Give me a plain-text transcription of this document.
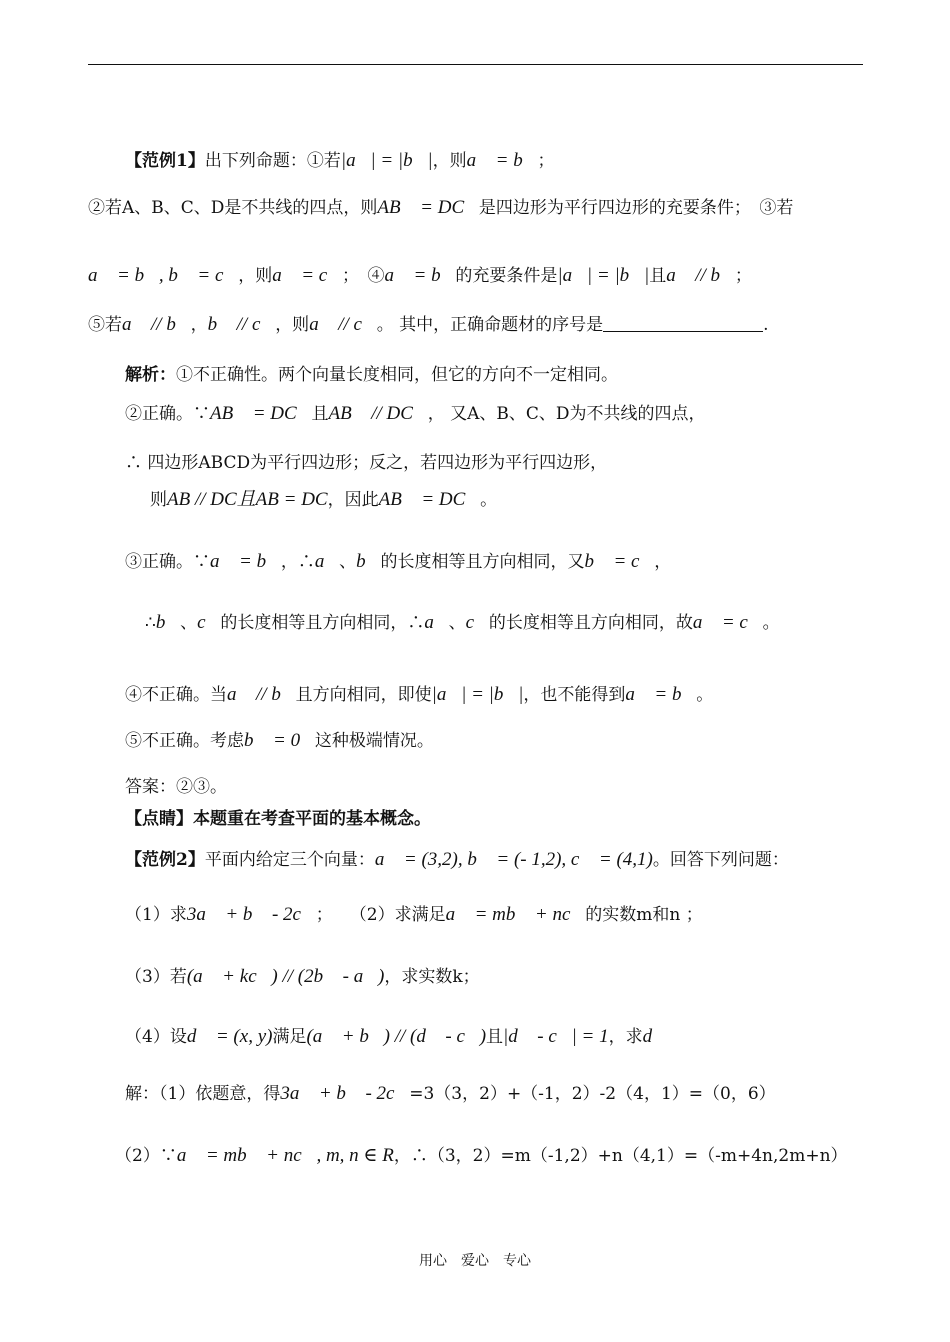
【范例1】出下列命题：①若|a⃗| = |b⃗|，则a⃗ = b⃗；
②若A、B、C、D是不共线的四点，则AB⃗ = DC⃗是四边形为平行四边形的充要条件；　③若
a⃗ = b⃗, b⃗ = c⃗，则a⃗ = c⃗；　④a⃗ = b⃗的充要条件是|a⃗| = |b⃗|且a⃗ // b⃗；
⑤若a⃗ // b⃗，b⃗ // c⃗，则a⃗ // c⃗。 其中，正确命题材的序号是	.
解析：①不正确性。两个向量长度相同，但它的方向不一定相同。
②正确。∵AB⃗ = DC⃗且AB⃗ // DC⃗， 又A、B、C、D为不共线的四点，
∴ 四边形ABCD为平行四边形；反之，若四边形为平行四边形，
则AB // DC且AB = DC，因此AB⃗ = DC⃗。
③正确。∵a⃗ = b⃗，∴a⃗、b⃗的长度相等且方向相同，又b⃗ = c⃗，
∴b⃗、c⃗的长度相等且方向相同，∴a⃗、c⃗的长度相等且方向相同，故a⃗ = c⃗。
④不正确。当a⃗ // b⃗且方向相同，即使|a⃗| = |b⃗|，也不能得到a⃗ = b⃗。
⑤不正确。考虑b⃗ = 0⃗这种极端情况。
答案：②③。
【点睛】本题重在考查平面的基本概念。
【范例2】平面内给定三个向量：a⃗ = (3,2), b⃗ = (- 1,2), c⃗ = (4,1)。回答下列问题：
（1）求3a⃗ + b⃗ - 2c⃗；　　（2）求满足a⃗ = mb⃗ + nc⃗的实数m和n ；
（3）若(a⃗ + kc⃗) // (2b⃗ - a⃗)，求实数k；
（4）设d⃗ = (x, y)满足(a⃗ + b⃗) // (d⃗ - c⃗)且|d⃗ - c⃗| = 1，求d
解：（1）依题意，得3a⃗ + b⃗ - 2c⃗=3（3，2）+（-1，2）-2（4，1）=（0，6）
（2）∵a⃗ = mb⃗ + nc⃗, m, n ∈ R，∴（3，2）=m（-1,2）+n（4,1）=（-m+4n,2m+n）
用心　爱心　专心
